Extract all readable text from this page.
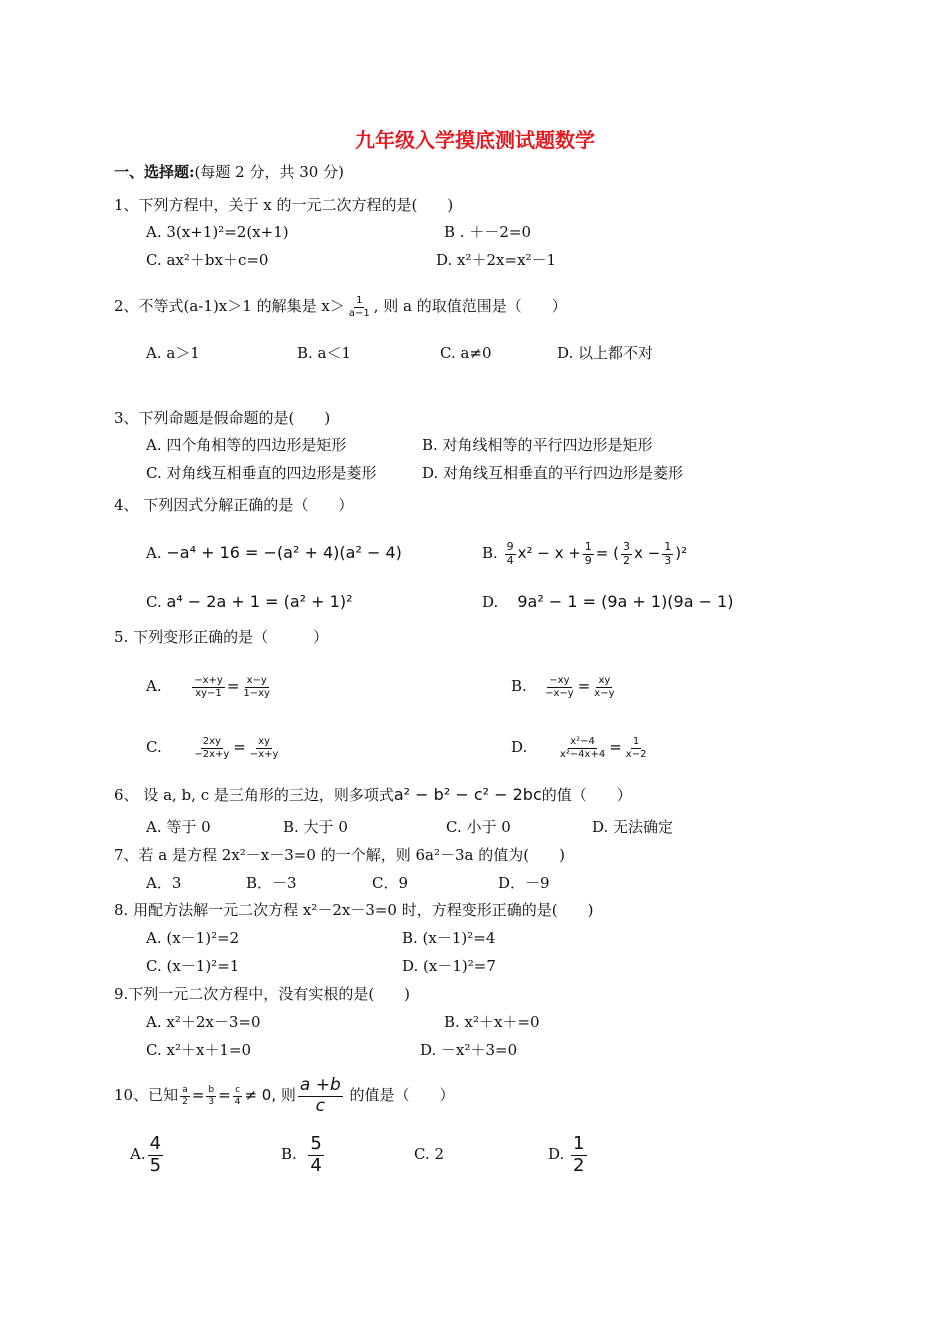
九年级入学摸底测试题数学
一、选择题:(每题 2 分，共 30 分)
1、下列方程中，关于 x 的一元二次方程的是(　　)
A. 3(x+1)²=2(x+1)	B . ＋－2=0
C. ax²＋bx＋c=0	D. x²＋2x=x²－1
2、不等式(a-1)x＞1 的解集是 $x> \frac{1}{a-1}$ , 则 a 的取值范围是（　　）
A. a＞1	B. a＜1	C. a≠0	D. 以上都不对
3、下列命题是假命题的是(　　)
A. 四个角相等的四边形是矩形	B. 对角线相等的平行四边形是矩形
C. 对角线互相垂直的四边形是菱形	D. 对角线互相垂直的平行四边形是菱形
4、 下列因式分解正确的是（　　）
A. −a⁴ + 16 = −(a² + 4)(a² − 4)	B. $\frac{9}{4} x^2 - x + \frac{1}{9}$ = ( $\frac{3}{2}$ $x - \frac{1}{3} )^2$
C. a⁴ − 2a + 1 = (a² + 1)²	D. 9a² − 1 = (9a + 1)(9a − 1)
5. 下列变形正确的是（　　　）
A.	$\frac{-x+y}{xy-1} = \frac{x-y}{1-xy}$	B. $\frac{-xy}{-x-y} = \frac{xy}{x-y}$
C.	$\frac{2xy}{-2x+y} = \frac{xy}{-x+y}$	D.	$\frac{\text{x²−4}}{\text{x²−4x+4}} = \frac{1}{x-2}$
6、 设 a, b, c 是三角形的三边，则多项式a² − b² − c² − 2bc的值（　　）
A. 等于 0	B. 大于 0	C. 小于 0	D. 无法确定
7、若 a 是方程 2x²－x－3=0 的一个解，则 6a²－3a 的值为(　　)
A．3	B．－3	C．9	D．－9
8. 用配方法解一元二次方程 x²－2x－3=0 时，方程变形正确的是(　　)
A. (x－1)²=2	B. (x－1)²=4
C. (x－1)²=1	D. (x－1)²=7
9.下列一元二次方程中，没有实根的是(　　)
A. x²＋2x－3=0	B. x²＋x＋=0
C. x²＋x＋1=0	D. －x²＋3=0
10、已知 $\frac{a}{2} = \frac{b}{3} = \frac{c}{4} \ne 0$, 则 $\frac{a +b}{c}$ 的值是（　　）
A. $\frac{4}{5}$	B. $\frac{5}{4}$	C. 2	D. $\frac{1}{2}$
